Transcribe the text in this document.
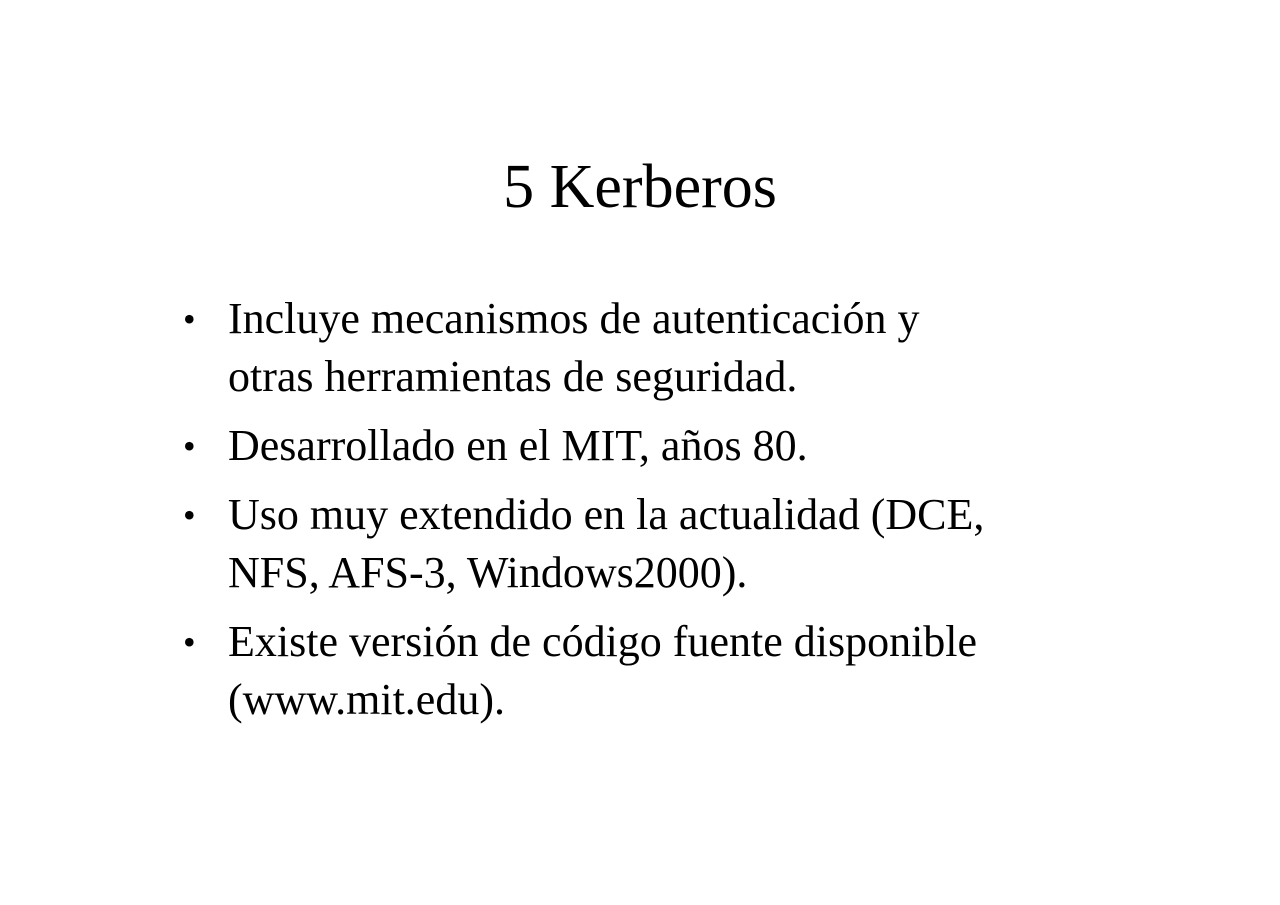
5 Kerberos
• Incluye mecanismos de autenticación y
otras herramientas de seguridad.
• Desarrollado en el MIT, años 80.
• Uso muy extendido en la actualidad (DCE,
NFS, AFS-3, Windows2000).
• Existe versión de código fuente disponible
(www.mit.edu).
